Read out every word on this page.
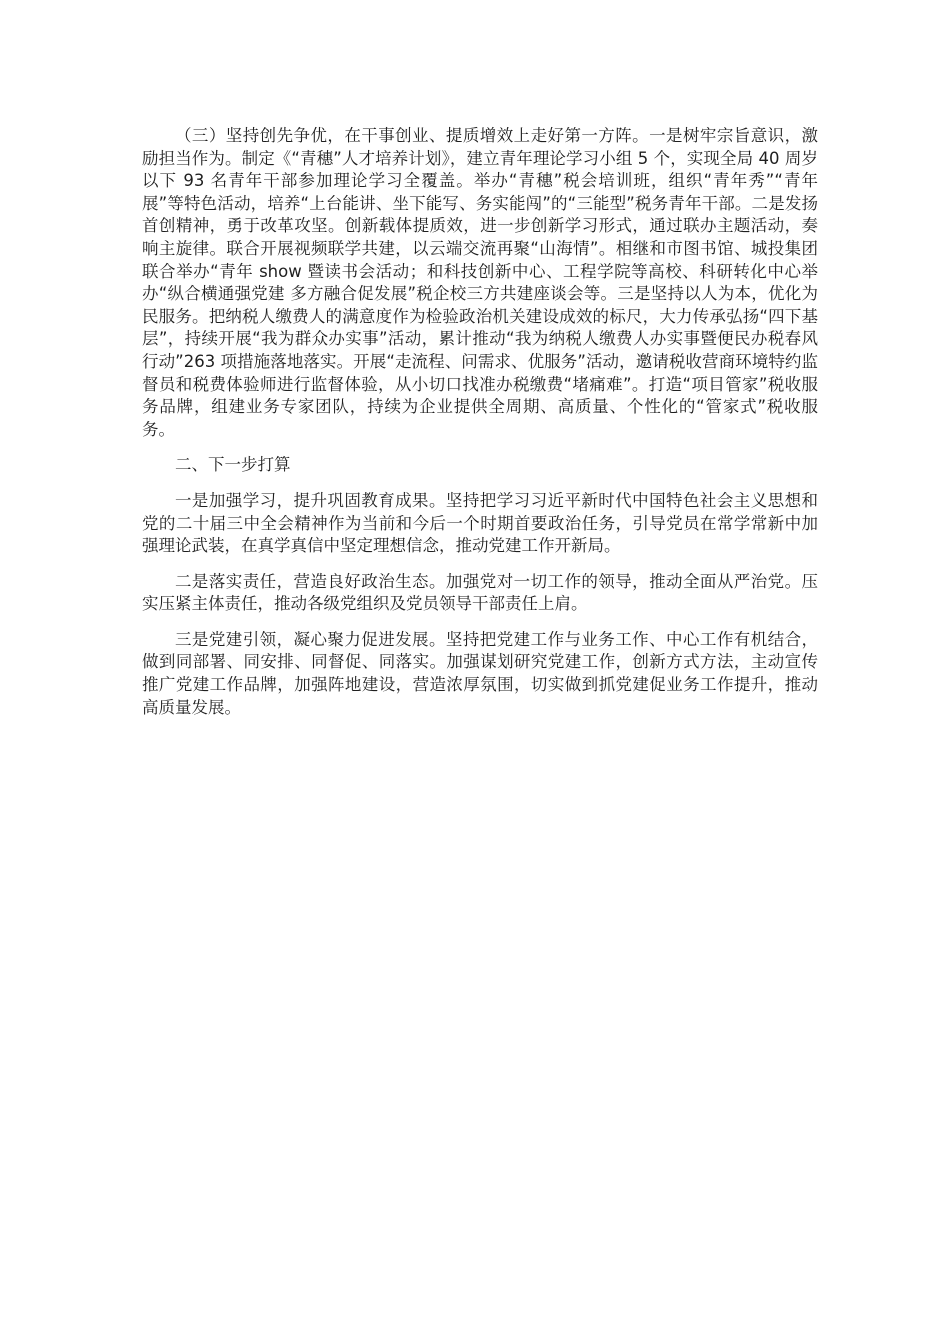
（三）坚持创先争优，在干事创业、提质增效上走好第一方阵。一是树牢宗旨意识，激励担当作为。制定《“青穗”人才培养计划》，建立青年理论学习小组 5 个，实现全局 40 周岁以下 93 名青年干部参加理论学习全覆盖。举办“青穗”税会培训班，组织“青年秀”“青年展”等特色活动，培养“上台能讲、坐下能写、务实能闯”的“三能型”税务青年干部。二是发扬首创精神，勇于改革攻坚。创新载体提质效，进一步创新学习形式，通过联办主题活动，奏响主旋律。联合开展视频联学共建，以云端交流再聚“山海情”。相继和市图书馆、城投集团联合举办“青年 show 暨读书会活动；和科技创新中心、工程学院等高校、科研转化中心举办“纵合横通强党建 多方融合促发展”税企校三方共建座谈会等。三是坚持以人为本，优化为民服务。把纳税人缴费人的满意度作为检验政治机关建设成效的标尺，大力传承弘扬“四下基层”，持续开展“我为群众办实事”活动，累计推动“我为纳税人缴费人办实事暨便民办税春风行动”263 项措施落地落实。开展“走流程、问需求、优服务”活动，邀请税收营商环境特约监督员和税费体验师进行监督体验，从小切口找准办税缴费“堵痛难”。打造“项目管家”税收服务品牌，组建业务专家团队，持续为企业提供全周期、高质量、个性化的“管家式”税收服务。

二、下一步打算

一是加强学习，提升巩固教育成果。坚持把学习习近平新时代中国特色社会主义思想和党的二十届三中全会精神作为当前和今后一个时期首要政治任务，引导党员在常学常新中加强理论武装，在真学真信中坚定理想信念，推动党建工作开新局。

二是落实责任，营造良好政治生态。加强党对一切工作的领导，推动全面从严治党。压实压紧主体责任，推动各级党组织及党员领导干部责任上肩。

三是党建引领，凝心聚力促进发展。坚持把党建工作与业务工作、中心工作有机结合，做到同部署、同安排、同督促、同落实。加强谋划研究党建工作，创新方式方法，主动宣传推广党建工作品牌，加强阵地建设，营造浓厚氛围，切实做到抓党建促业务工作提升，推动高质量发展。
